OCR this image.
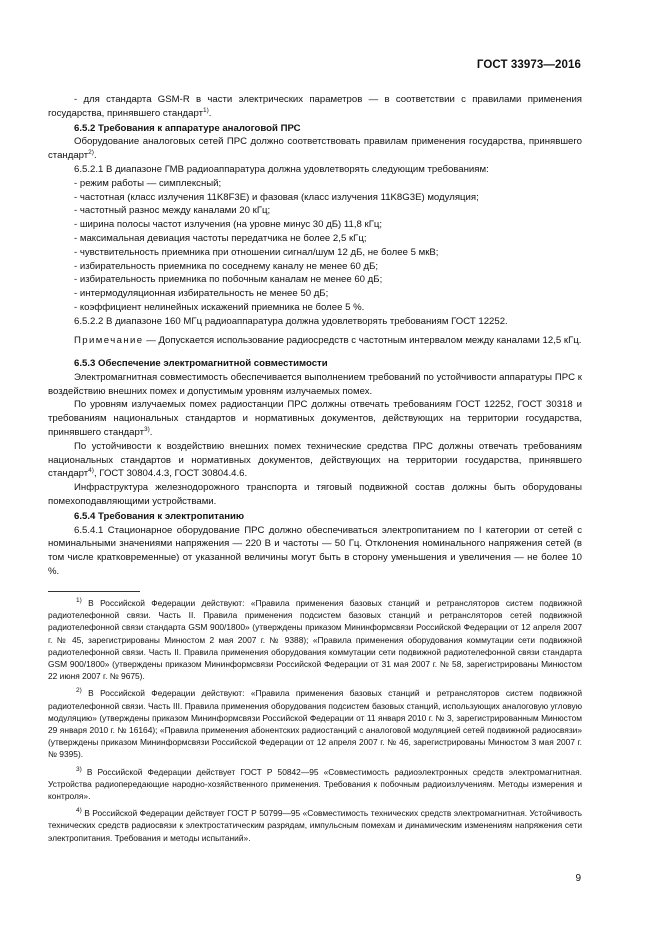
ГОСТ 33973—2016

- для стандарта GSM-R в части электрических параметров — в соответствии с правилами применения государства, принявшего стандарт$^{1)}$.

6.5.2 Требования к аппаратуре аналоговой ПРС

Оборудование аналоговых сетей ПРС должно соответствовать правилам применения государства, принявшего стандарт$^{2)}$.

6.5.2.1 В диапазоне ГМВ радиоаппаратура должна удовлетворять следующим требованиям:

- режим работы — симплексный;

- частотная (класс излучения 11K8F3E) и фазовая (класс излучения 11K8G3E) модуляция;

- частотный разнос между каналами 20 кГц;

- ширина полосы частот излучения (на уровне минус 30 дБ) 11,8 кГц;

- максимальная девиация частоты передатчика не более 2,5 кГц;

- чувствительность приемника при отношении сигнал/шум 12 дБ, не более 5 мкВ;

- избирательность приемника по соседнему каналу не менее 60 дБ;

- избирательность приемника по побочным каналам не менее 60 дБ;

- интермодуляционная избирательность не менее 50 дБ;

- коэффициент нелинейных искажений приемника не более 5 %.

6.5.2.2 В диапазоне 160 МГц радиоаппаратура должна удовлетворять требованиям ГОСТ 12252.

Примечание — Допускается использование радиосредств с частотным интервалом между каналами 12,5 кГц.

6.5.3 Обеспечение электромагнитной совместимости

Электромагнитная совместимость обеспечивается выполнением требований по устойчивости аппаратуры ПРС к воздействию внешних помех и допустимым уровням излучаемых помех.

По уровням излучаемых помех радиостанции ПРС должны отвечать требованиям ГОСТ 12252, ГОСТ 30318 и требованиям национальных стандартов и нормативных документов, действующих на территории государства, принявшего стандарт$^{3)}$.

По устойчивости к воздействию внешних помех технические средства ПРС должны отвечать требованиям национальных стандартов и нормативных документов, действующих на территории государства, принявшего стандарт$^{4)}$, ГОСТ 30804.4.3, ГОСТ 30804.4.6.

Инфраструктура железнодорожного транспорта и тяговый подвижной состав должны быть оборудованы помехоподавляющими устройствами.

6.5.4 Требования к электропитанию

6.5.4.1 Стационарное оборудование ПРС должно обеспечиваться электропитанием по I категории от сетей с номинальными значениями напряжения — 220 В и частоты — 50 Гц. Отклонения номинального напряжения сетей (в том числе кратковременные) от указанной величины могут быть в сторону уменьшения и увеличения — не более 10 %.

$^{1)}$ В Российской Федерации действуют: «Правила применения базовых станций и ретрансляторов систем подвижной радиотелефонной связи. Часть II. Правила применения подсистем базовых станций и ретрансляторов сетей подвижной радиотелефонной связи стандарта GSM 900/1800» (утверждены приказом Мининформсвязи Российской Федерации от 12 апреля 2007 г. № 45, зарегистрированы Минюстом 2 мая 2007 г. № 9388); «Правила применения оборудования коммутации сети подвижной радиотелефонной связи. Часть II. Правила применения оборудования коммутации сети подвижной радиотелефонной связи стандарта GSM 900/1800» (утверждены приказом Мининформсвязи Российской Федерации от 31 мая 2007 г. № 58, зарегистрированы Минюстом 22 июня 2007 г. № 9675).

$^{2)}$ В Российской Федерации действуют: «Правила применения базовых станций и ретрансляторов систем подвижной радиотелефонной связи. Часть III. Правила применения оборудования подсистем базовых станций, использующих аналоговую угловую модуляцию» (утверждены приказом Мининформсвязи Российской Федерации от 11 января 2010 г. № 3, зарегистрированным Минюстом 29 января 2010 г. № 16164); «Правила применения абонентских радиостанций с аналоговой модуляцией сетей подвижной радиосвязи» (утверждены приказом Мининформсвязи Российской Федерации от 12 апреля 2007 г. № 46, зарегистрированы Минюстом 3 мая 2007 г. № 9395).

$^{3)}$ В Российской Федерации действует ГОСТ Р 50842—95 «Совместимость радиоэлектронных средств электромагнитная. Устройства радиопередающие народно-хозяйственного применения. Требования к побочным радиоизлучениям. Методы измерения и контроля».

$^{4)}$ В Российской Федерации действует ГОСТ Р 50799—95 «Совместимость технических средств электромагнитная. Устойчивость технических средств радиосвязи к электростатическим разрядам, импульсным помехам и динамическим изменениям напряжения сети электропитания. Требования и методы испытаний».

9
